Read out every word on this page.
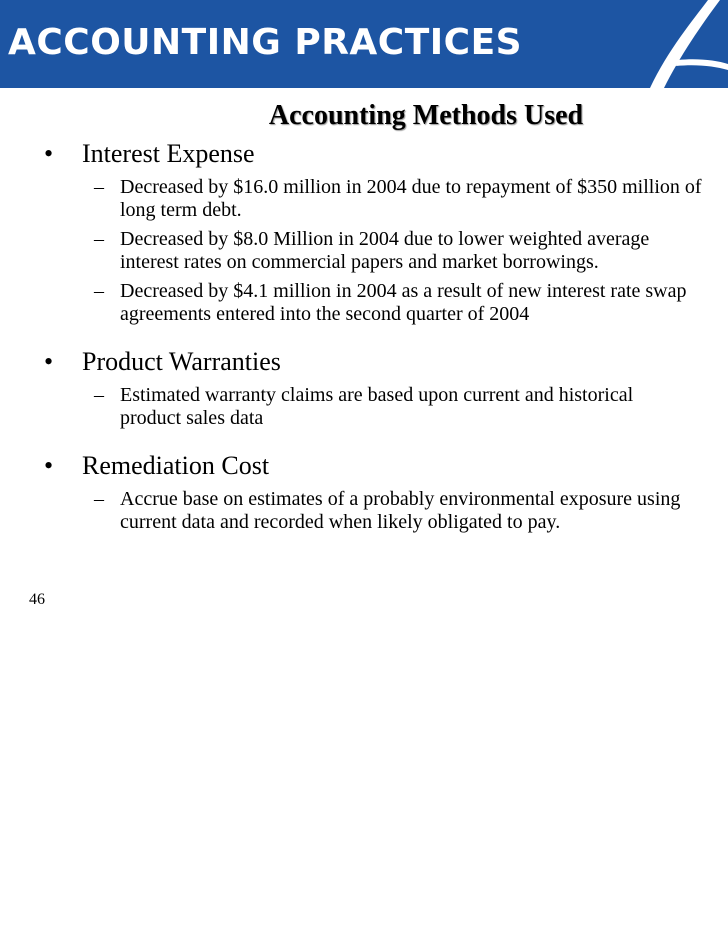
ACCOUNTING PRACTICES
Accounting Methods Used
• Interest Expense
– Decreased by $16.0 million in 2004 due to repayment of $350 million of
long term debt.
– Decreased by $8.0 Million in 2004 due to lower weighted average
interest rates on commercial papers and market borrowings.
– Decreased by $4.1 million in 2004 as a result of new interest rate swap
agreements entered into the second quarter of 2004
• Product Warranties
– Estimated warranty claims are based upon current and historical
product sales data
• Remediation Cost
– Accrue base on estimates of a probably environmental exposure using
current data and recorded when likely obligated to pay.
46
